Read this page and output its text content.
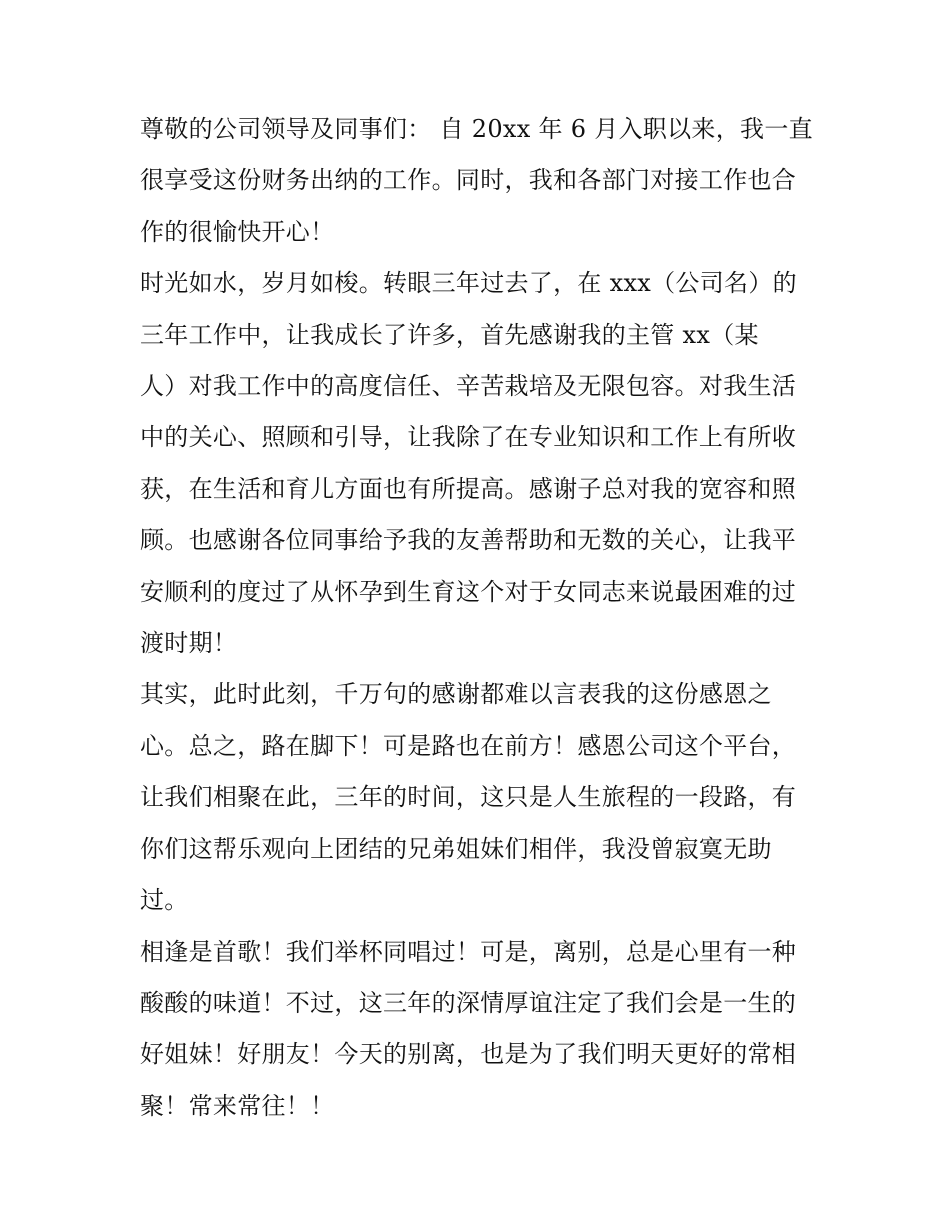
尊敬的公司领导及同事们： 自 20xx 年 6 月入职以来，我一直
很享受这份财务出纳的工作。同时，我和各部门对接工作也合
作的很愉快开心！

时光如水，岁月如梭。转眼三年过去了，在 xxx（公司名）的
三年工作中，让我成长了许多，首先感谢我的主管 xx（某
人）对我工作中的高度信任、辛苦栽培及无限包容。对我生活
中的关心、照顾和引导，让我除了在专业知识和工作上有所收
获，在生活和育儿方面也有所提高。感谢子总对我的宽容和照
顾。也感谢各位同事给予我的友善帮助和无数的关心，让我平
安顺利的度过了从怀孕到生育这个对于女同志来说最困难的过
渡时期！

其实，此时此刻，千万句的感谢都难以言表我的这份感恩之
心。总之，路在脚下！可是路也在前方！感恩公司这个平台，
让我们相聚在此，三年的时间，这只是人生旅程的一段路，有
你们这帮乐观向上团结的兄弟姐妹们相伴，我没曾寂寞无助
过。

相逢是首歌！我们举杯同唱过！可是，离别，总是心里有一种
酸酸的味道！不过，这三年的深情厚谊注定了我们会是一生的
好姐妹！好朋友！今天的别离，也是为了我们明天更好的常相
聚！常来常往！！
